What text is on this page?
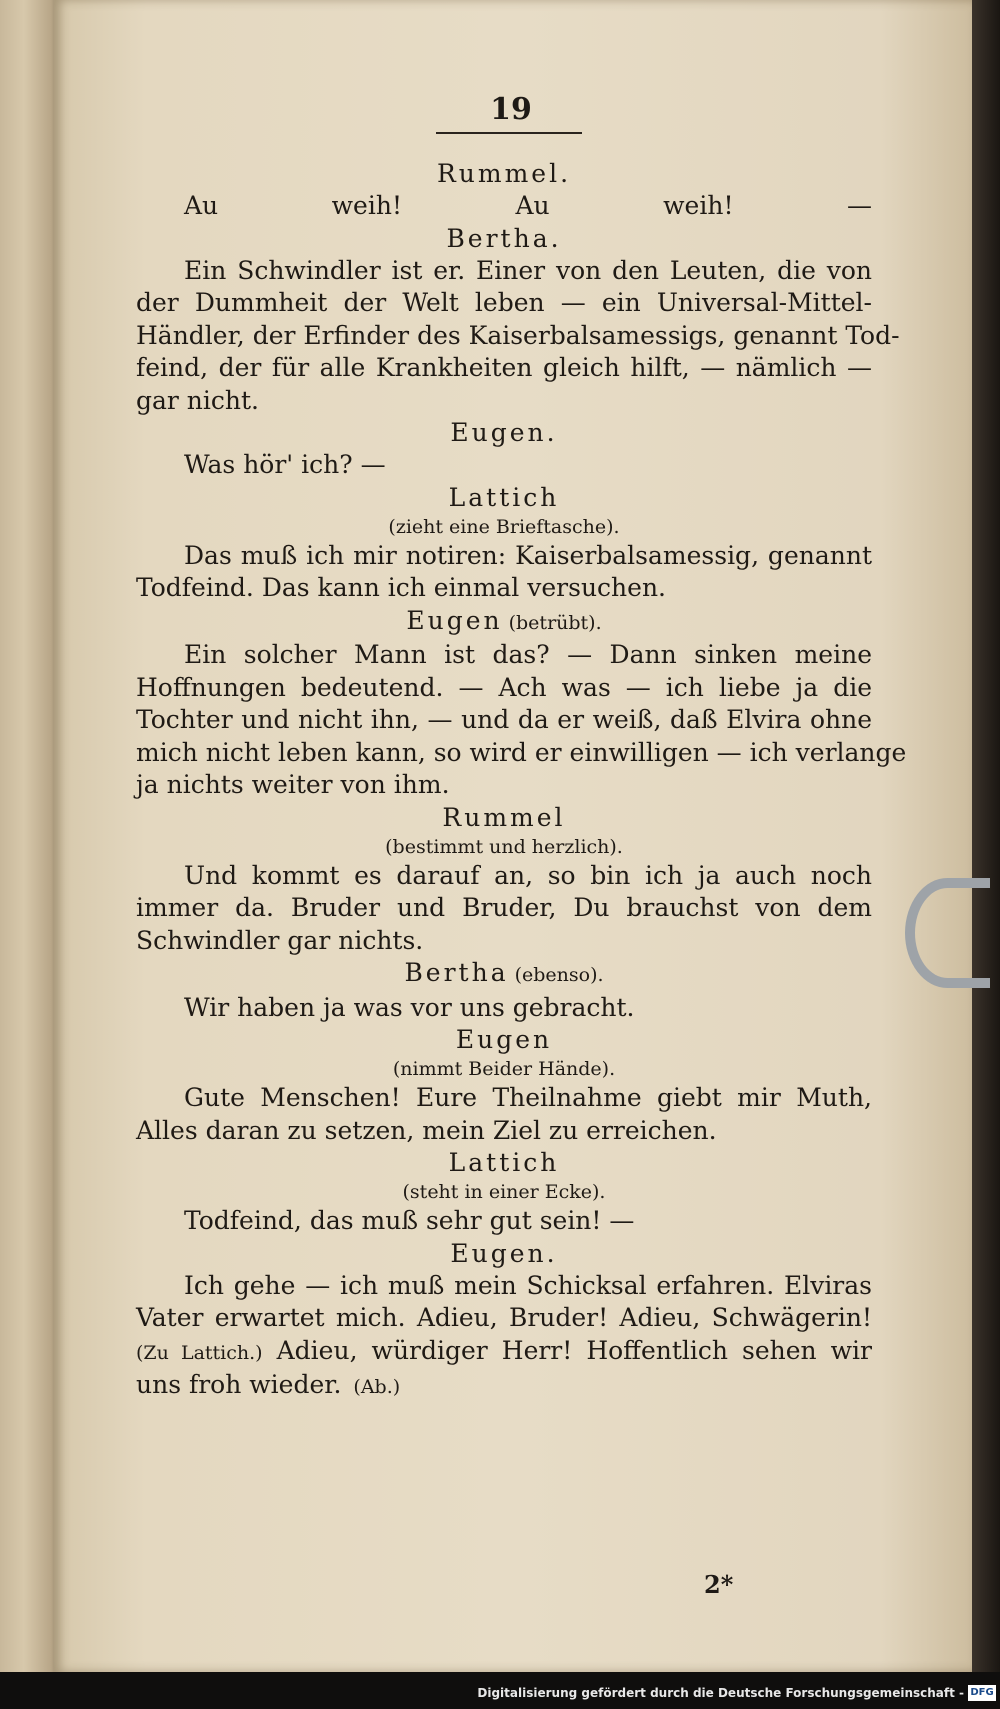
19
Rummel.
Au weih! Au weih! —
Bertha.
Ein Schwindler ist er. Einer von den Leuten, die von
der Dummheit der Welt leben — ein Universal-Mittel-
Händler, der Erfinder des Kaiserbalsamessigs, genannt Tod-
feind, der für alle Krankheiten gleich hilft, — nämlich —
gar nicht.
Eugen.
Was hör' ich? —
Lattich
(zieht eine Brieftasche).
Das muß ich mir notiren: Kaiserbalsamessig, genannt
Todfeind. Das kann ich einmal versuchen.
Eugen (betrübt).
Ein solcher Mann ist das? — Dann sinken meine
Hoffnungen bedeutend. — Ach was — ich liebe ja die
Tochter und nicht ihn, — und da er weiß, daß Elvira ohne
mich nicht leben kann, so wird er einwilligen — ich verlange
ja nichts weiter von ihm.
Rummel
(bestimmt und herzlich).
Und kommt es darauf an, so bin ich ja auch noch
immer da. Bruder und Bruder, Du brauchst von dem
Schwindler gar nichts.
Bertha (ebenso).
Wir haben ja was vor uns gebracht.
Eugen
(nimmt Beider Hände).
Gute Menschen! Eure Theilnahme giebt mir Muth,
Alles daran zu setzen, mein Ziel zu erreichen.
Lattich
(steht in einer Ecke).
Todfeind, das muß sehr gut sein! —
Eugen.
Ich gehe — ich muß mein Schicksal erfahren. Elviras
Vater erwartet mich. Adieu, Bruder! Adieu, Schwägerin!
(Zu Lattich.) Adieu, würdiger Herr! Hoffentlich sehen wir
uns froh wieder. (Ab.)
2*
Digitalisierung gefördert durch die Deutsche Forschungsgemeinschaft - DFG
